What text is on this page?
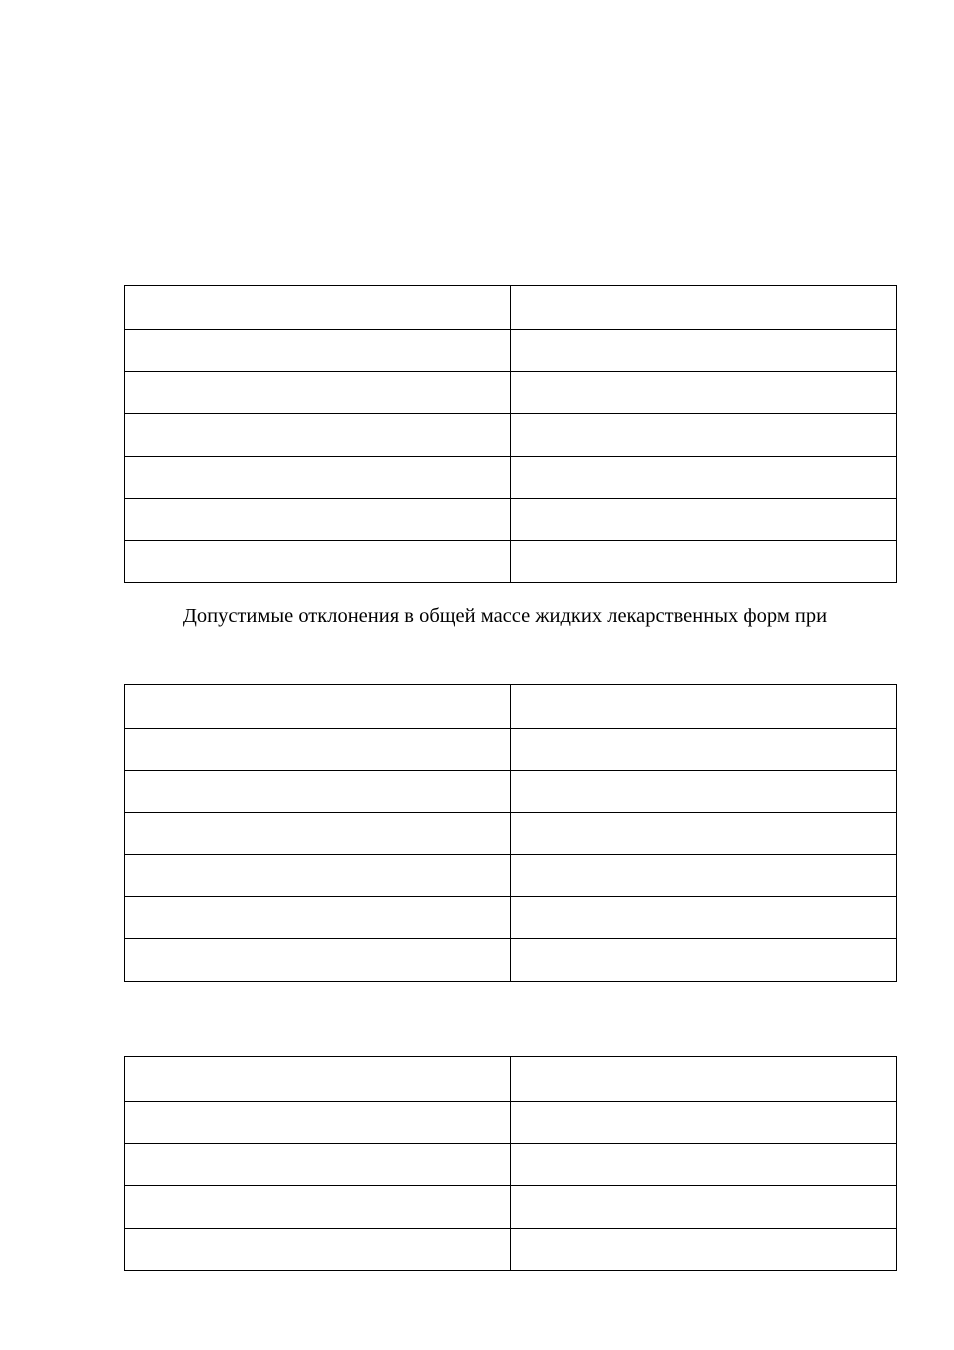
Допустимые отклонения в общей массе жидких лекарственных форм при
